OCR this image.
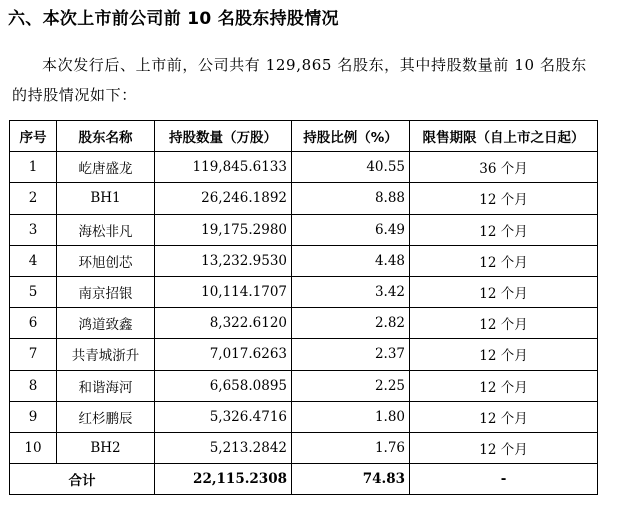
六、本次上市前公司前 10 名股东持股情况
本次发行后、上市前，公司共有 129,865 名股东，其中持股数量前 10 名股东的持股情况如下：
序号	股东名称	持股数量（万股）	持股比例（%）	限售期限（自上市之日起）
1	屹唐盛龙	119,845.6133	40.55	36 个月
2	BH1	26,246.1892	8.88	12 个月
3	海松非凡	19,175.2980	6.49	12 个月
4	环旭创芯	13,232.9530	4.48	12 个月
5	南京招银	10,114.1707	3.42	12 个月
6	鸿道致鑫	8,322.6120	2.82	12 个月
7	共青城浙升	7,017.6263	2.37	12 个月
8	和谐海河	6,658.0895	2.25	12 个月
9	红杉鹏辰	5,326.4716	1.80	12 个月
10	BH2	5,213.2842	1.76	12 个月
合计		22,115.2308	74.83	-
